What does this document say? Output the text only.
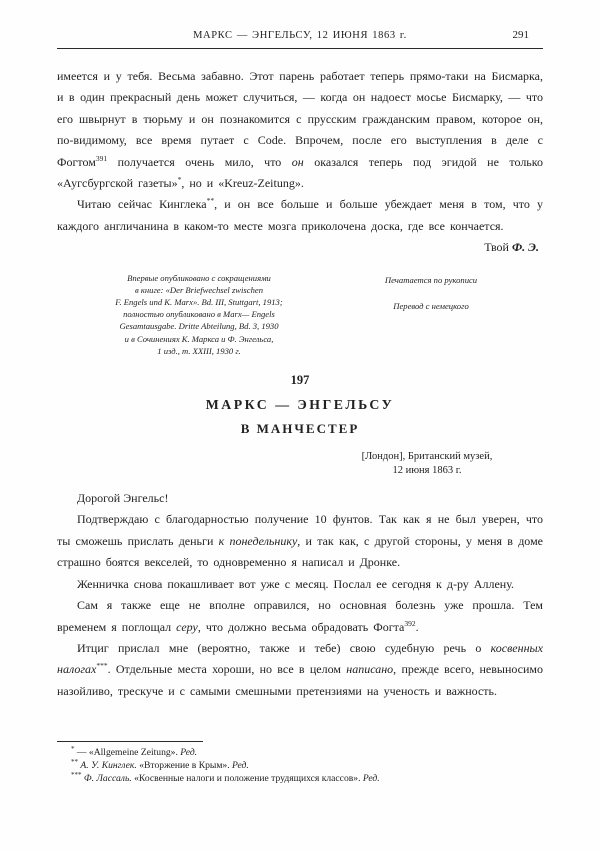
МАРКС — ЭНГЕЛЬСУ, 12 ИЮНЯ 1863 г.	291

имеется и у тебя. Весьма забавно. Этот парень работает теперь прямо-таки на Бисмарка, и в один прекрасный день может случиться, — когда он надоест мосье Бисмарку, — что его швырнут в тюрьму и он познакомится с прусским гражданским правом, которое он, по-видимому, все время путает с Code. Впрочем, после его выступления в деле с Фогтом$^{391}$ получается очень мило, что он оказался теперь под эгидой не только «Аугсбургской газеты»*, но и «Kreuz-Zeitung».

Читаю сейчас Кинглека**, и он все больше и больше убеждает меня в том, что у каждого англичанина в каком-то месте мозга приколочена доска, где все кончается.

Твой Ф. Э.
Впервые опубликовано с сокращениями
в книге: «Der Briefwechsel zwischen
F. Engels und K. Marx». Bd. III, Stuttgart, 1913;
полностью опубликовано в Marx— Engels
Gesamtausgabe. Dritte Abteilung, Bd. 3, 1930
и в Сочинениях К. Маркса и Ф. Энгельса,
1 изд., т. XXIII, 1930 г.
Печатается по рукописи
Перевод с немецкого
197
МАРКС — ЭНГЕЛЬСУ
В МАНЧЕСТЕР
[Лондон], Британский музей,
12 июня 1863 г.

Дорогой Энгельс!

Подтверждаю с благодарностью получение 10 фунтов. Так как я не был уверен, что ты сможешь прислать деньги к понедельнику, и так как, с другой стороны, у меня в доме страшно боятся векселей, то одновременно я написал и Дронке.

Женничка снова покашливает вот уже с месяц. Послал ее сегодня к д-ру Аллену.

Сам я также еще не вполне оправился, но основная болезнь уже прошла. Тем временем я поглощал серу, что должно весьма обрадовать Фогта$^{392}$.

Итциг прислал мне (вероятно, также и тебе) свою судебную речь о косвенных налогах***. Отдельные места хороши, но все в целом написано, прежде всего, невыносимо назойливо, трескуче и с самыми смешными претензиями на ученость и важность.

* — «Allgemeine Zeitung». Ред.
** А. У. Кинглек. «Вторжение в Крым». Ред.
*** Ф. Лассаль. «Косвенные налоги и положение трудящихся классов». Ред.
